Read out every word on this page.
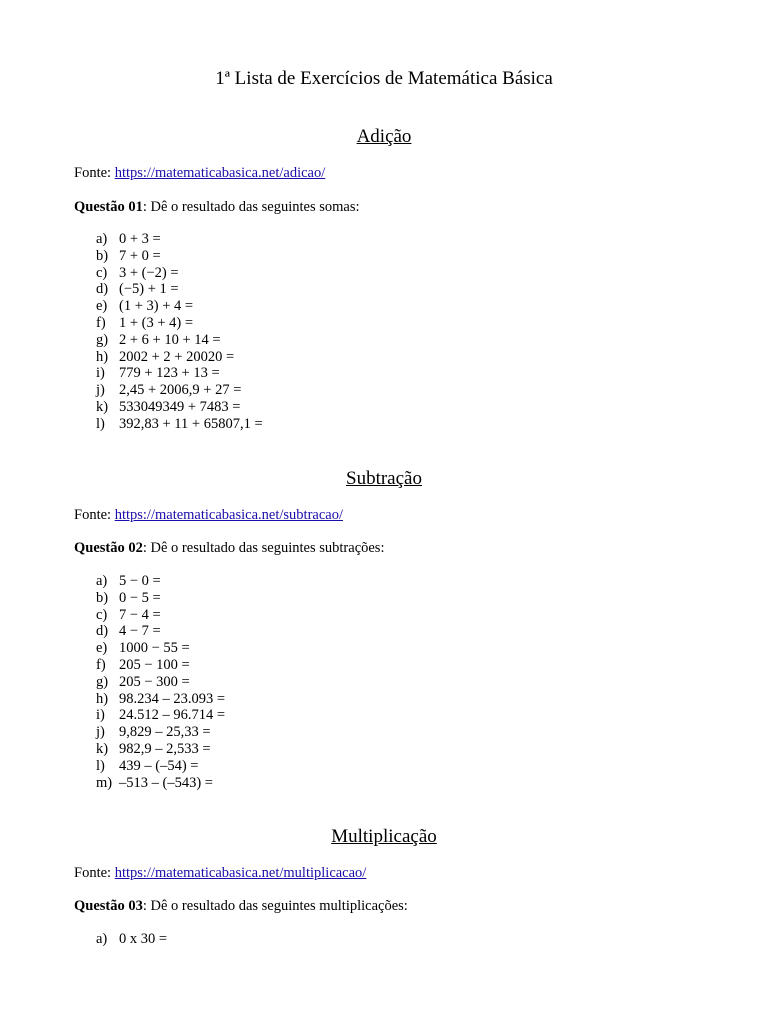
1ª Lista de Exercícios de Matemática Básica
Adição
Fonte: https://matematicabasica.net/adicao/
Questão 01: Dê o resultado das seguintes somas:
a) 0 + 3 =
b) 7 + 0 =
c) 3 + (−2) =
d) (−5) + 1 =
e) (1 + 3) + 4 =
f) 1 + (3 + 4) =
g) 2 + 6 + 10 + 14 =
h) 2002 + 2 + 20020 =
i) 779 + 123 + 13 =
j) 2,45 + 2006,9 + 27 =
k) 533049349 + 7483 =
l) 392,83 + 11 + 65807,1 =
Subtração
Fonte: https://matematicabasica.net/subtracao/
Questão 02: Dê o resultado das seguintes subtrações:
a) 5 − 0 =
b) 0 − 5 =
c) 7 − 4 =
d) 4 − 7 =
e) 1000 − 55 =
f) 205 − 100 =
g) 205 − 300 =
h) 98.234 – 23.093 =
i) 24.512 – 96.714 =
j) 9,829 – 25,33 =
k) 982,9 – 2,533 =
l) 439 – (–54) =
m) –513 – (–543) =
Multiplicação
Fonte: https://matematicabasica.net/multiplicacao/
Questão 03: Dê o resultado das seguintes multiplicações:
a) 0 x 30 =
